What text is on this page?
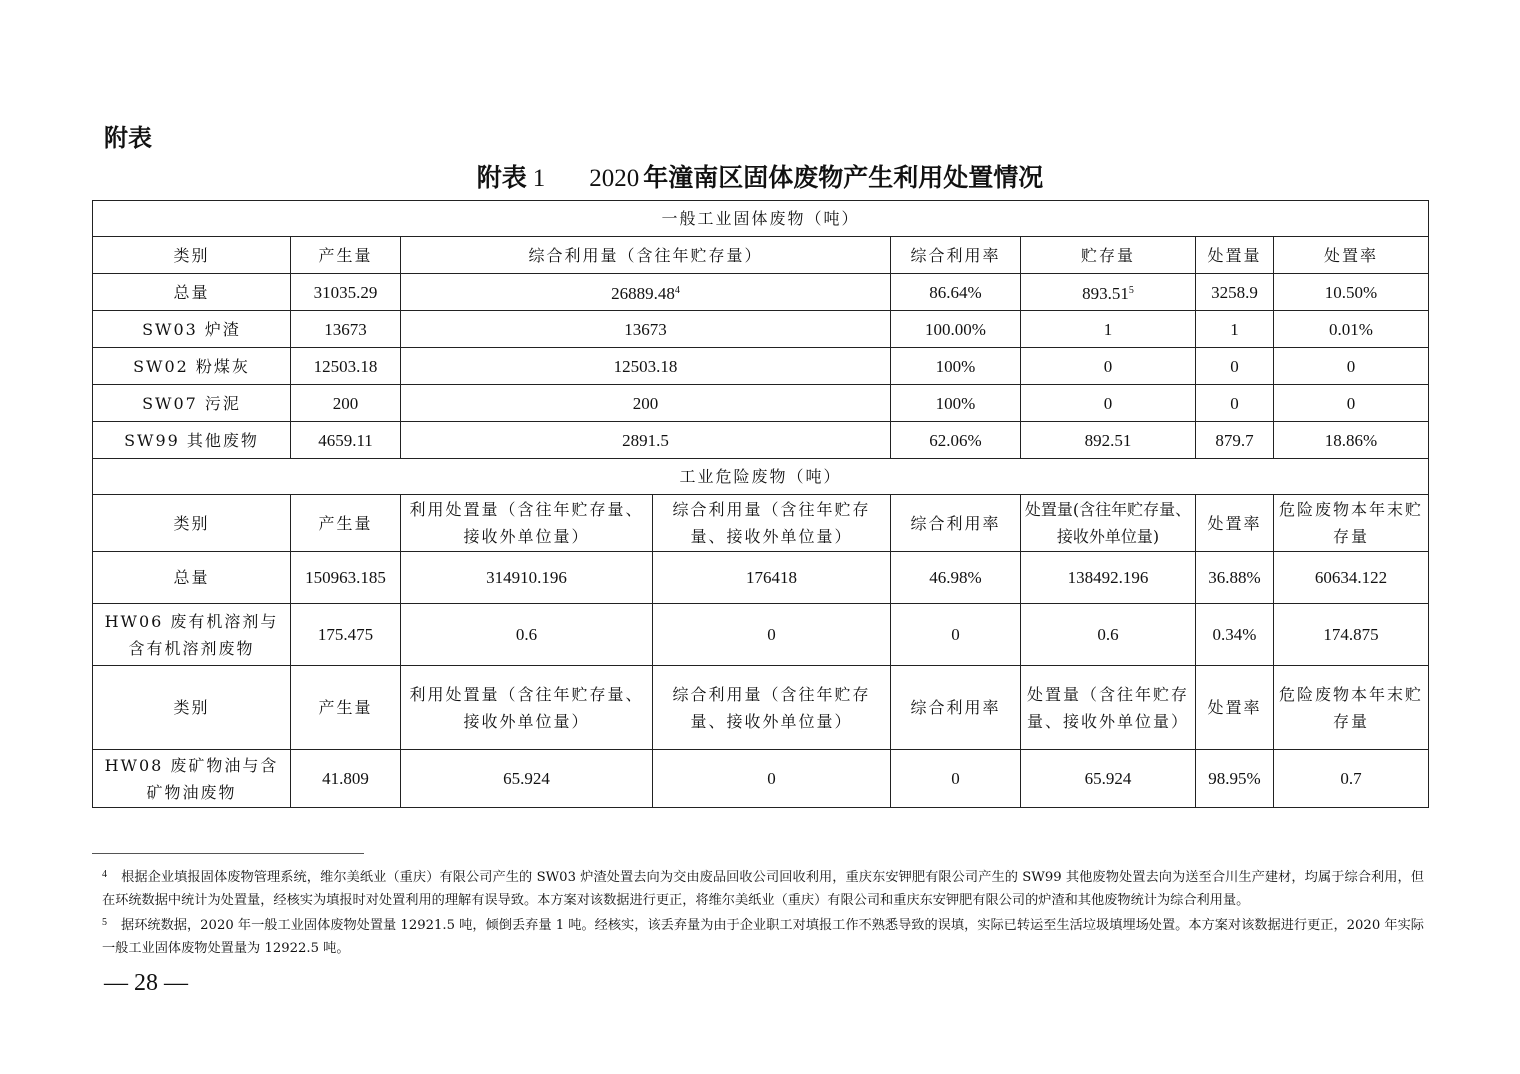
附表
附表 1 2020 年潼南区固体废物产生利用处置情况
一般工业固体废物（吨）							
类别	产生量	综合利用量（含往年贮存量）		综合利用率	贮存量	处置量	处置率
总量	31035.29	26889.48$^4$		86.64%	893.51$^5$	3258.9	10.50%
SW03 炉渣	13673	13673		100.00%	1	1	0.01%
SW02 粉煤灰	12503.18	12503.18		100%	0	0	0
SW07 污泥	200	200		100%	0	0	0
SW99 其他废物	4659.11	2891.5		62.06%	892.51	879.7	18.86%
工业危险废物（吨）							
类别	产生量	利用处置量（含往年贮存量、接收外单位量）	综合利用量（含往年贮存量、接收外单位量）	综合利用率	处置量(含往年贮存量、接收外单位量)	处置率	危险废物本年末贮存量
总量	150963.185	314910.196	176418	46.98%	138492.196	36.88%	60634.122
HW06 废有机溶剂与含有机溶剂废物	175.475	0.6	0	0	0.6	0.34%	174.875
类别	产生量	利用处置量（含往年贮存量、接收外单位量）	综合利用量（含往年贮存量、接收外单位量）	综合利用率	处置量（含往年贮存量、接收外单位量）	处置率	危险废物本年末贮存量
HW08 废矿物油与含矿物油废物	41.809	65.924	0	0	65.924	98.95%	0.7

$^4$ 根据企业填报固体废物管理系统，维尔美纸业（重庆）有限公司产生的 SW03 炉渣处置去向为交由废品回收公司回收利用，重庆东安钾肥有限公司产生的 SW99 其他废物处置去向为送至合川生产建材，均属于综合利用，但在环统数据中统计为处置量，经核实为填报时对处置利用的理解有误导致。本方案对该数据进行更正，将维尔美纸业（重庆）有限公司和重庆东安钾肥有限公司的炉渣和其他废物统计为综合利用量。

$^5$ 据环统数据，2020 年一般工业固体废物处置量 12921.5 吨，倾倒丢弃量 1 吨。经核实，该丢弃量为由于企业职工对填报工作不熟悉导致的误填，实际已转运至生活垃圾填埋场处置。本方案对该数据进行更正，2020 年实际一般工业固体废物处置量为 12922.5 吨。

— 28 —
